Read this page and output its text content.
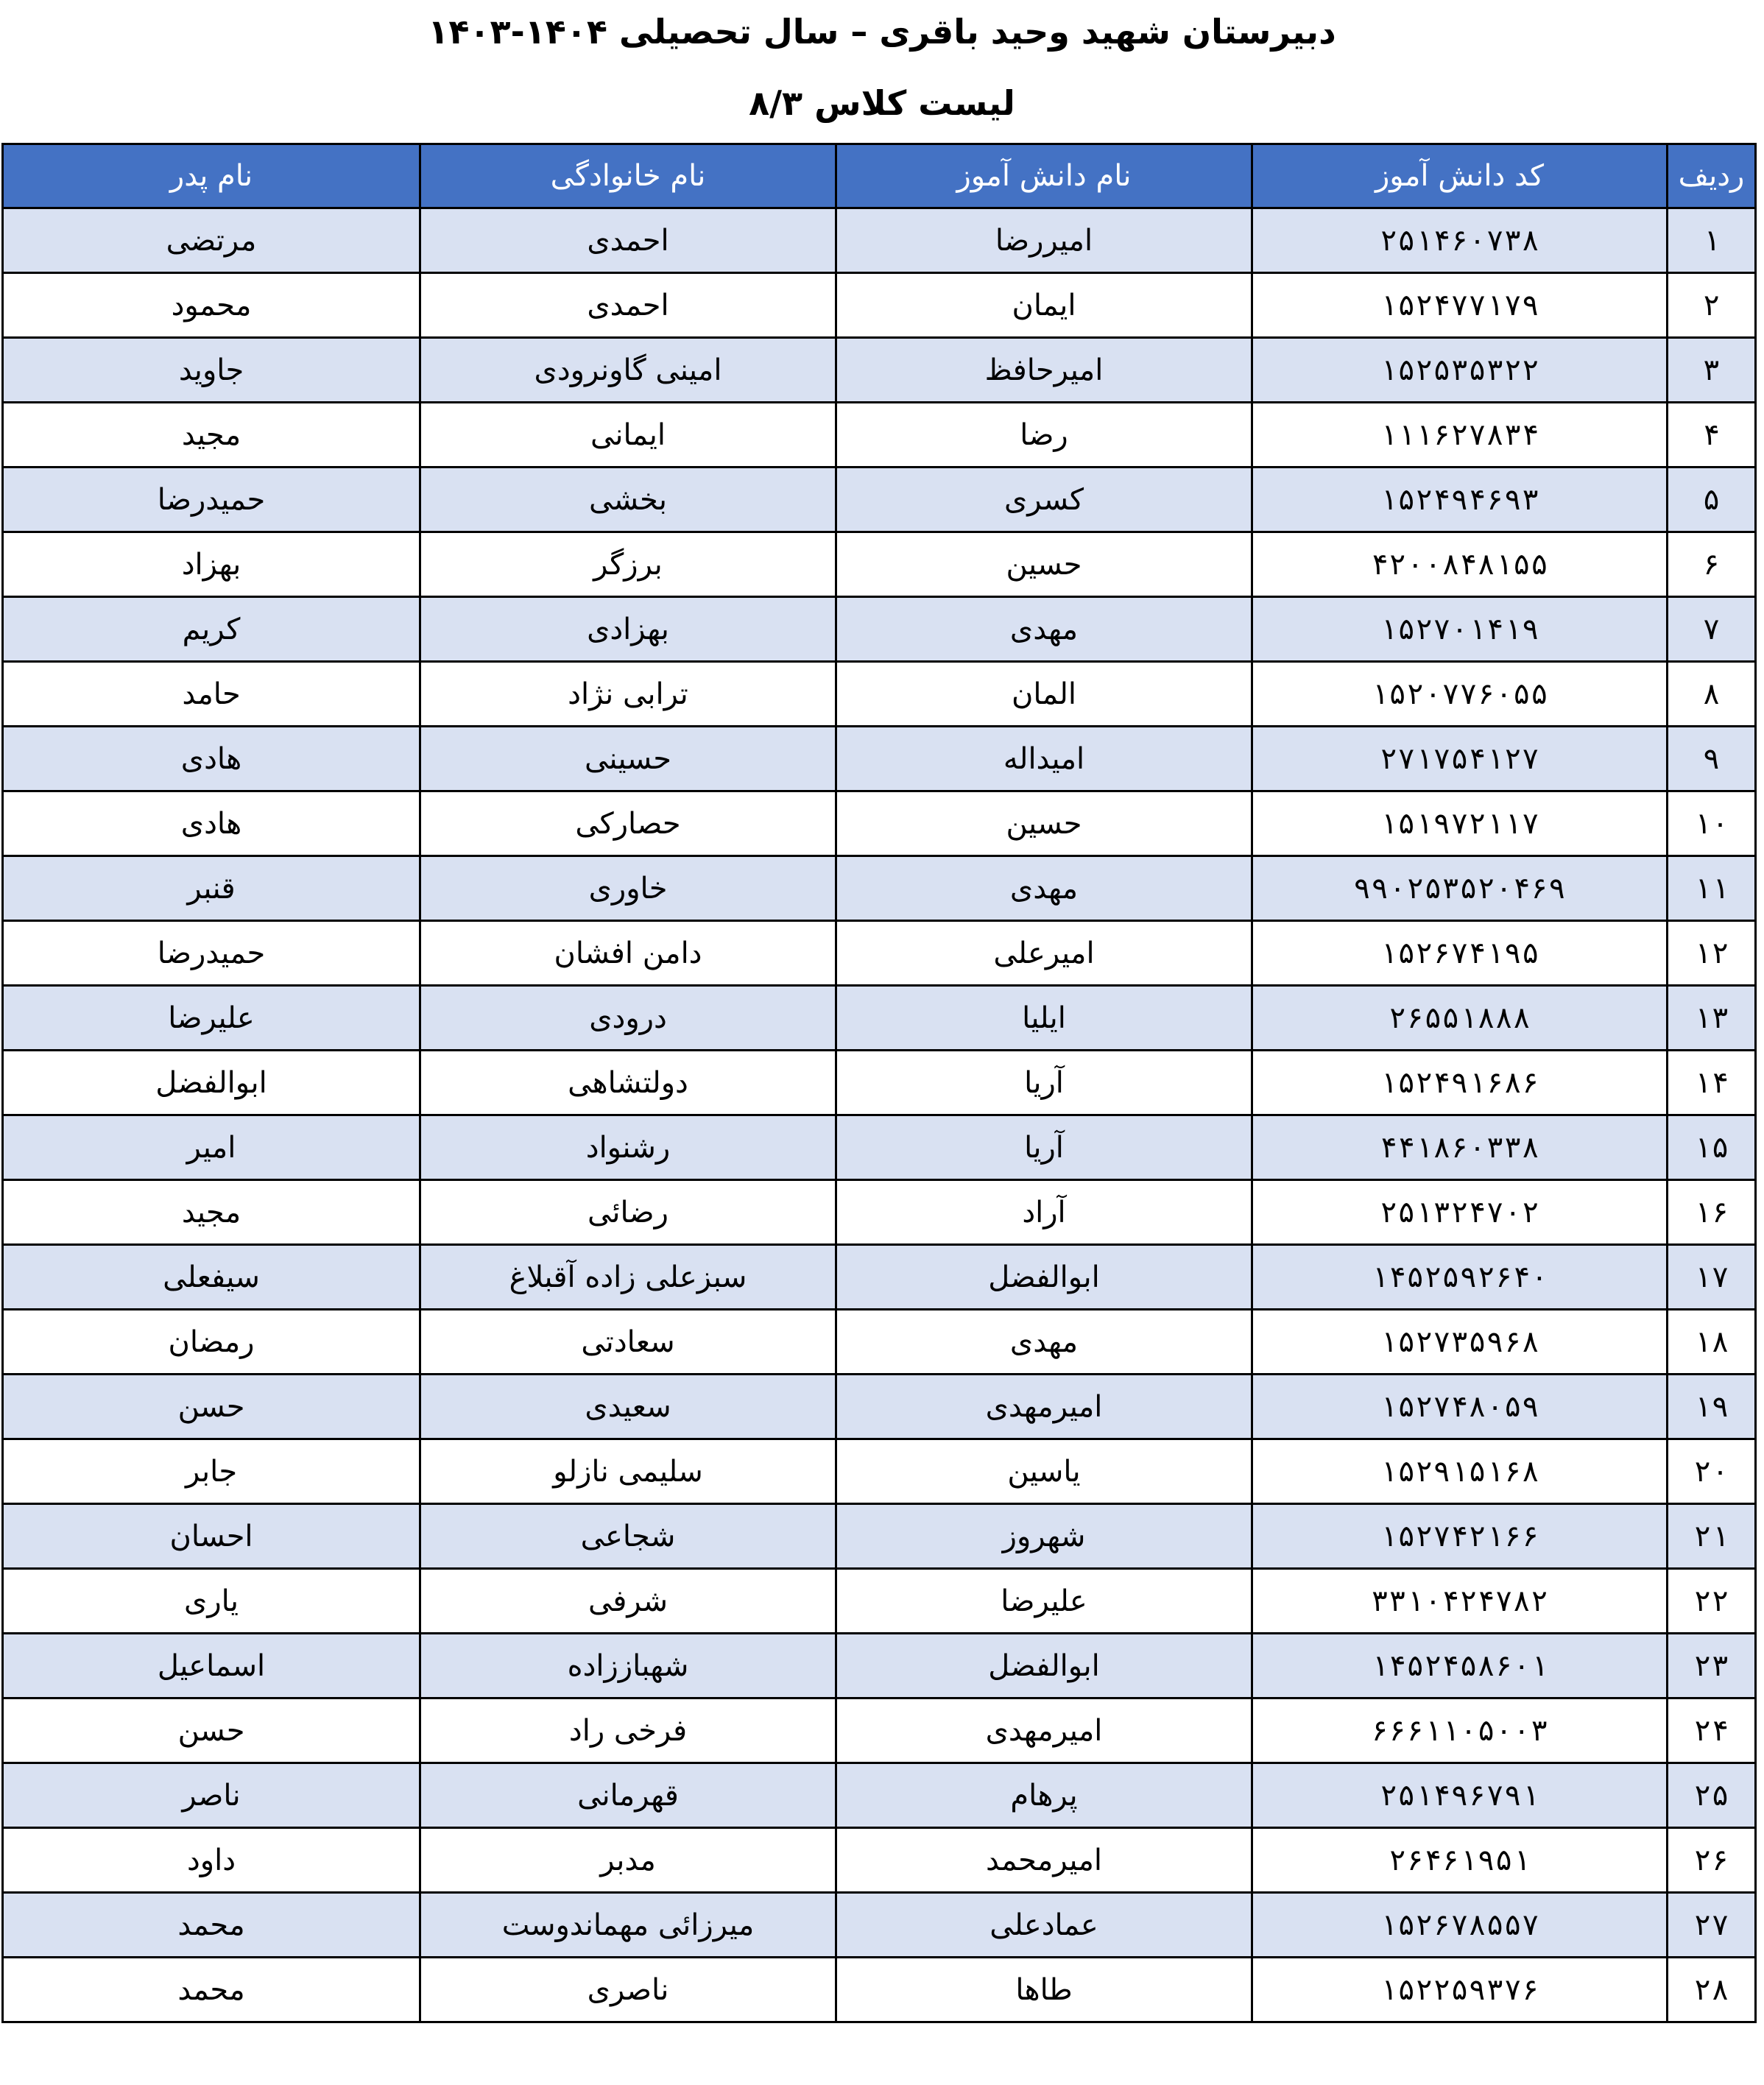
دبیرستان شهید وحید باقری – سال تحصیلی ۱۴۰۴-۱۴۰۳
لیست کلاس ۸/۳
ردیف	کد دانش آموز	نام دانش آموز	نام خانوادگی	نام پدر
۱	۲۵۱۴۶۰۷۳۸	امیررضا	احمدی	مرتضی
۲	۱۵۲۴۷۷۱۷۹	ایمان	احمدی	محمود
۳	۱۵۲۵۳۵۳۲۲	امیرحافظ	امینی گاونرودی	جاوید
۴	۱۱۱۶۲۷۸۳۴	رضا	ایمانی	مجید
۵	۱۵۲۴۹۴۶۹۳	کسری	بخشی	حمیدرضا
۶	۴۲۰۰۸۴۸۱۵۵	حسین	برزگر	بهزاد
۷	۱۵۲۷۰۱۴۱۹	مهدی	بهزادی	کریم
۸	۱۵۲۰۷۷۶۰۵۵	المان	ترابی نژاد	حامد
۹	۲۷۱۷۵۴۱۲۷	امیداله	حسینی	هادی
۱۰	۱۵۱۹۷۲۱۱۷	حسین	حصارکی	هادی
۱۱	۹۹۰۲۵۳۵۲۰۴۶۹	مهدی	خاوری	قنبر
۱۲	۱۵۲۶۷۴۱۹۵	امیرعلی	دامن افشان	حمیدرضا
۱۳	۲۶۵۵۱۸۸۸	ایلیا	درودی	علیرضا
۱۴	۱۵۲۴۹۱۶۸۶	آریا	دولتشاهی	ابوالفضل
۱۵	۴۴۱۸۶۰۳۳۸	آریا	رشنواد	امیر
۱۶	۲۵۱۳۲۴۷۰۲	آراد	رضائی	مجید
۱۷	۱۴۵۲۵۹۲۶۴۰	ابوالفضل	سبزعلی زاده آقبلاغ	سیفعلی
۱۸	۱۵۲۷۳۵۹۶۸	مهدی	سعادتی	رمضان
۱۹	۱۵۲۷۴۸۰۵۹	امیرمهدی	سعیدی	حسن
۲۰	۱۵۲۹۱۵۱۶۸	یاسین	سلیمی نازلو	جابر
۲۱	۱۵۲۷۴۲۱۶۶	شهروز	شجاعی	احسان
۲۲	۳۳۱۰۴۲۴۷۸۲	علیرضا	شرفی	یاری
۲۳	۱۴۵۲۴۵۸۶۰۱	ابوالفضل	شهباززاده	اسماعیل
۲۴	۶۶۶۱۱۰۵۰۰۳	امیرمهدی	فرخی راد	حسن
۲۵	۲۵۱۴۹۶۷۹۱	پرهام	قهرمانی	ناصر
۲۶	۲۶۴۶۱۹۵۱	امیرمحمد	مدبر	داود
۲۷	۱۵۲۶۷۸۵۵۷	عمادعلی	میرزائی مهماندوست	محمد
۲۸	۱۵۲۲۵۹۳۷۶	طاها	ناصری	محمد
